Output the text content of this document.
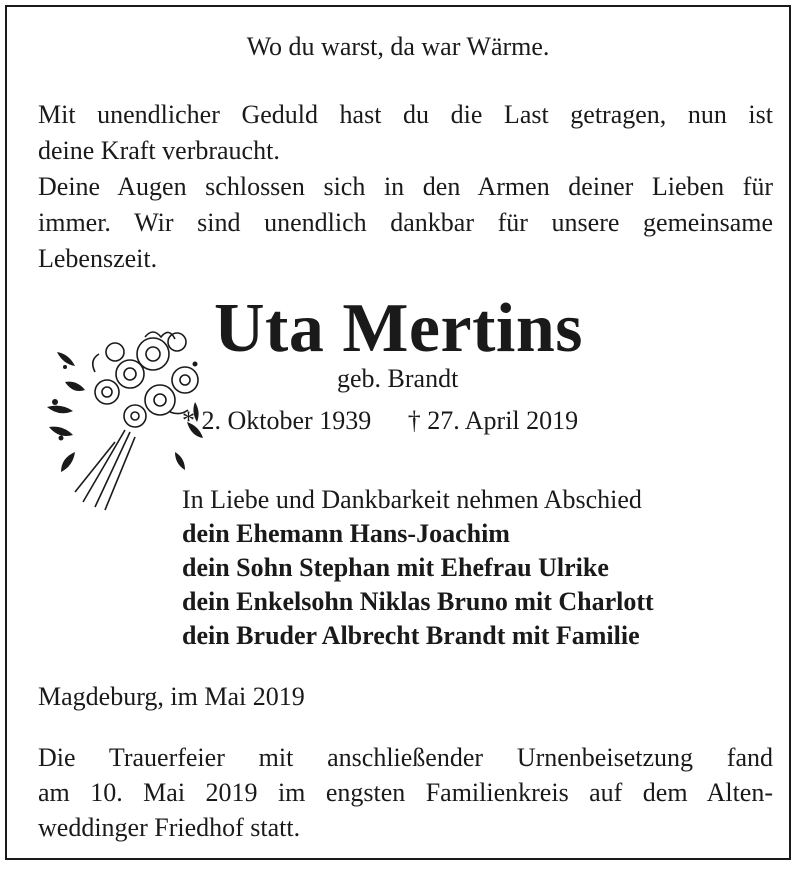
Wo du warst, da war Wärme.
Mit unendlicher Geduld hast du die Last getragen, nun ist
deine Kraft verbraucht.
Deine Augen schlossen sich in den Armen deiner Lieben für
immer. Wir sind unendlich dankbar für unsere gemeinsame
Lebenszeit.
Uta Mertins
geb. Brandt
* 2. Oktober 1939 † 27. April 2019
In Liebe und Dankbarkeit nehmen Abschied
dein Ehemann Hans-Joachim
dein Sohn Stephan mit Ehefrau Ulrike
dein Enkelsohn Niklas Bruno mit Charlott
dein Bruder Albrecht Brandt mit Familie
Magdeburg, im Mai 2019
Die Trauerfeier mit anschließender Urnenbeisetzung fand
am 10. Mai 2019 im engsten Familienkreis auf dem Alten-
weddinger Friedhof statt.
